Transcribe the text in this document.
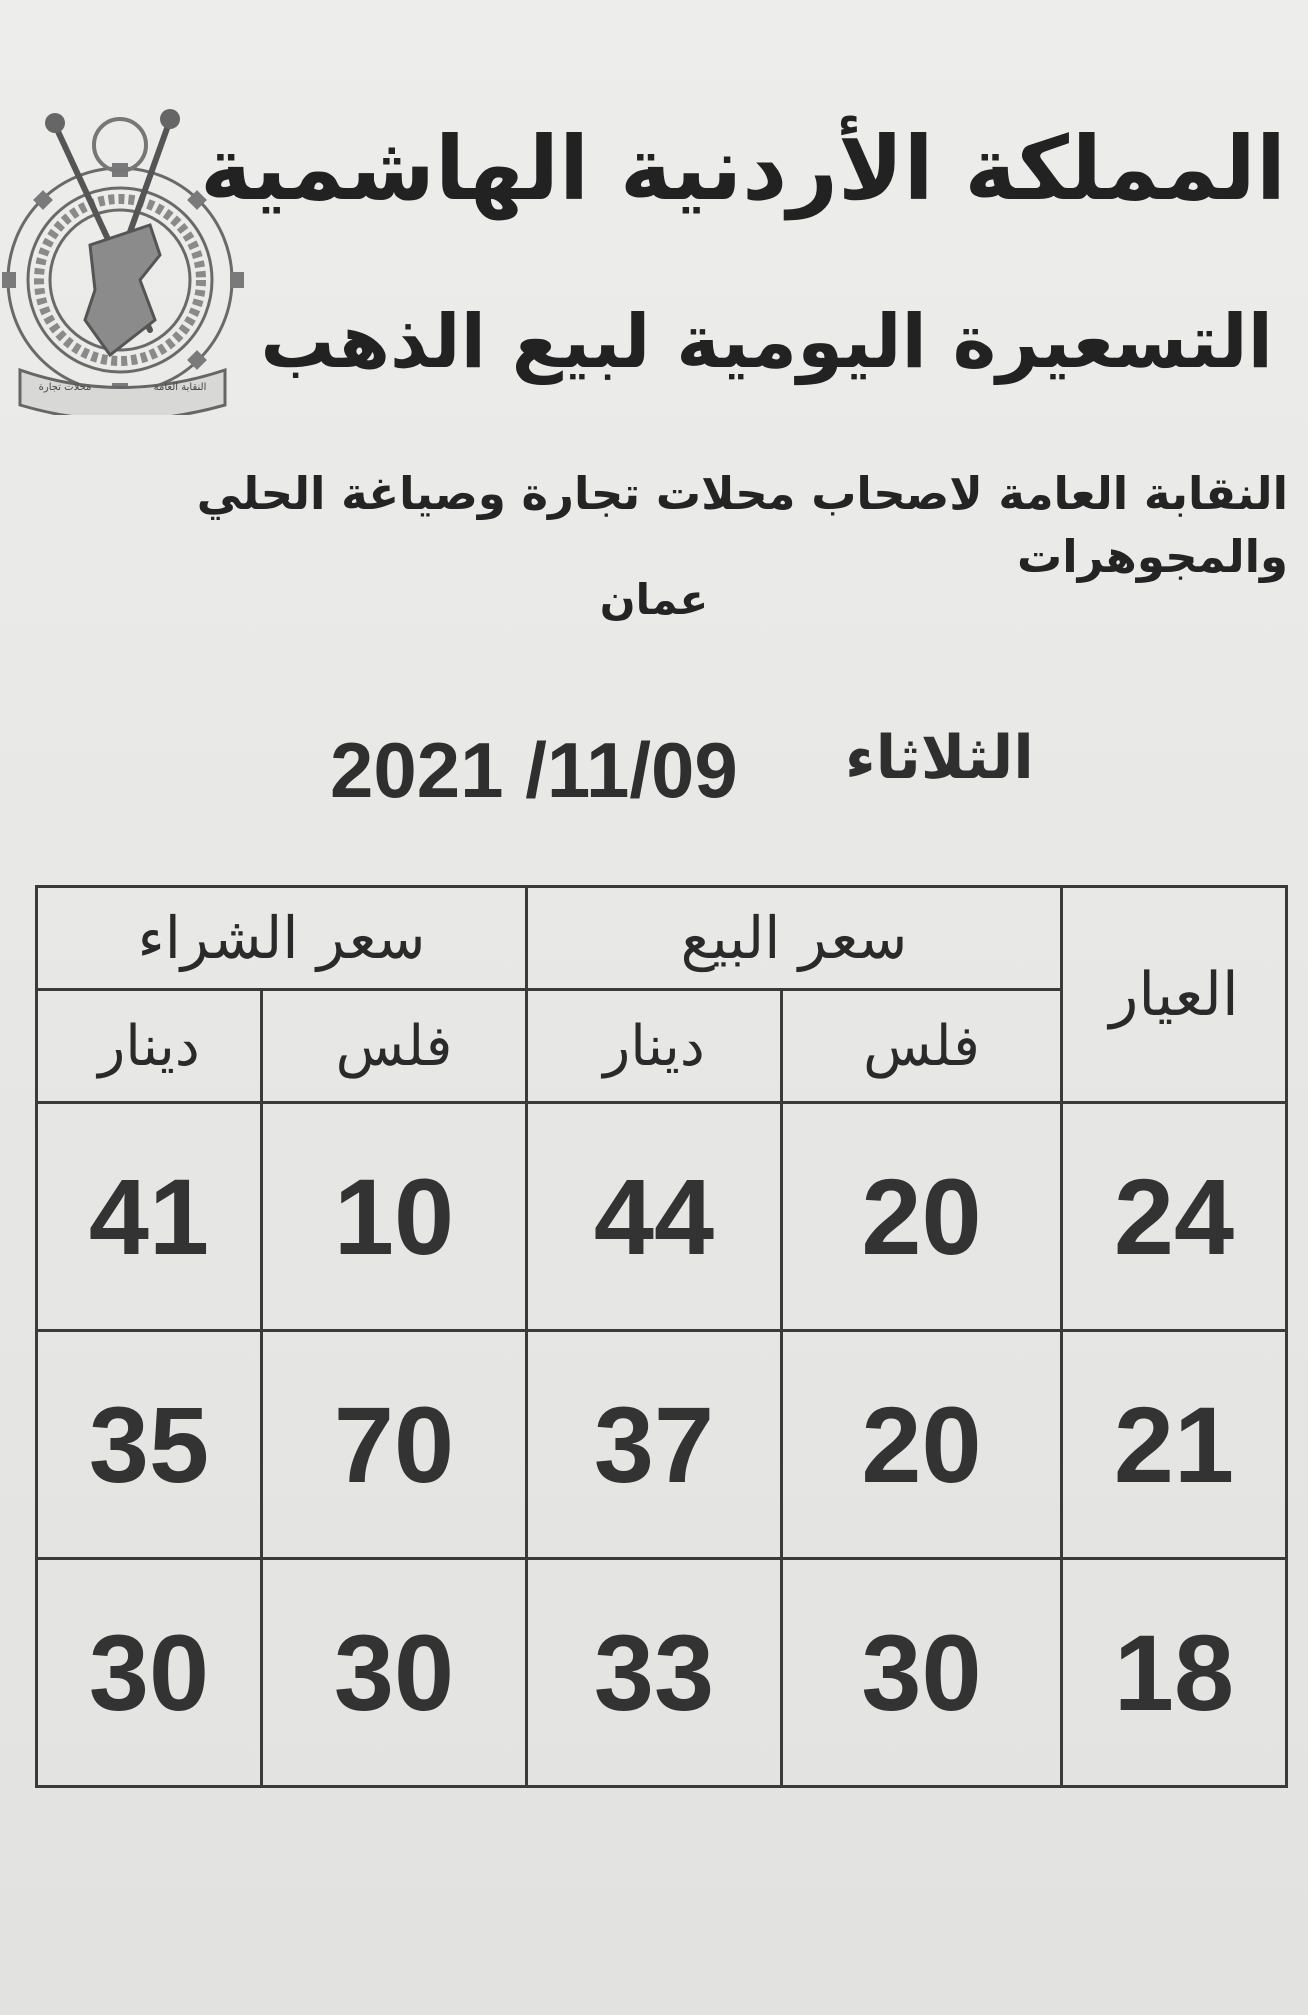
النقابة العامة
محلات تجارة
المملكة الأردنية الهاشمية
التسعيرة اليومية لبيع الذهب
النقابة العامة لاصحاب محلات تجارة وصياغة الحلي والمجوهرات
عمان
2021 /11/09 الثلاثاء
العيار	سعر البيع		سعر الشراء	
	فلس	دينار	فلس	دينار
24	20	44	10	41
21	20	37	70	35
18	30	33	30	30
